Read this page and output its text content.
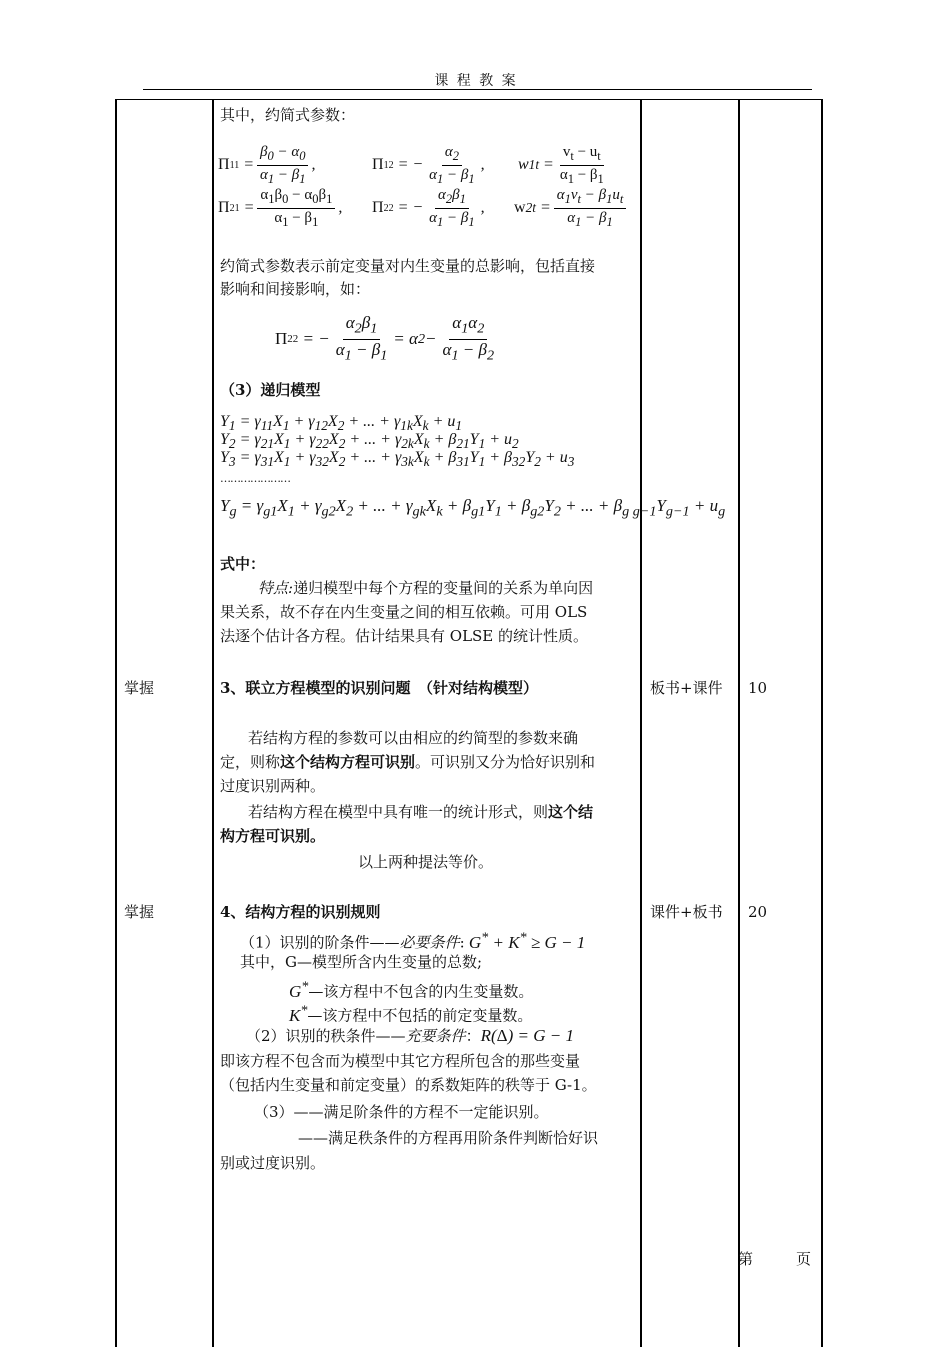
课 程 教 案
掌握
掌握
板书+课件
课件+板书
10
20
第	页
其中，约简式参数：
Π $11 = \frac{\beta_0 - \alpha_0}{\alpha_1 - \beta_1}$ ,	Π 12 = − $\frac{\alpha_2}{\alpha_1 - \beta_1}$ , w $1t = \frac{v_t - u_t}{\alpha_1 - \beta_1}$
Π $21 = \frac{\alpha_1\beta_0 - \alpha_0\beta_1}{\alpha_1 - \beta_1}$ , Π 22 = − $\frac{\alpha_2\beta_1}{\alpha_1 - \beta_1}$ , w $2t = \frac{\alpha_1v_t - \beta_1u_t}{\alpha_1 - \beta_1}$
约简式参数表示前定变量对内生变量的总影响，包括直接
影响和间接影响，如：
Π 22 = − $\frac{\alpha_2\beta_1}{\alpha_1 - \beta_1} = \alpha$ $2 - \frac{\alpha_1\alpha_2}{\alpha_1 - \beta_2}$
（3）递归模型
$Y_1 = \gamma_{11}X_1 + \gamma_{12}X_2$ + ... + $\gamma_{1k}X_k + u_1$
$Y_2 = \gamma_{21}X_1 + \gamma_{22}X_2$ + ... + $\gamma_{2k}X_k + \beta_{21}Y_1 + u_2$
$Y_3 = \gamma_{31}X_1 + \gamma_{32}X_2$ + ... + $\gamma_{3k}X_k + \beta_{31}Y_1 + \beta_{32}Y_2 + u_3$
…………………
$Y_g = \gamma_{g1}X_1 + \gamma_{g2}X_2$ + ... + $\gamma_{gk}X_k + \beta_{g1}Y_1 + \beta_{g2}Y_2$ + ... + $\beta_{g g-1}Y_{g-1} + u_g$
式中：
特点:递归模型中每个方程的变量间的关系为单向因
果关系，故不存在内生变量之间的相互依赖。可用 OLS
法逐个估计各方程。估计结果具有 OLSE 的统计性质。
3、联立方程模型的识别问题　（针对结构模型）
若结构方程的参数可以由相应的约简型的参数来确
定，则称这个结构方程可识别。可识别又分为恰好识别和
过度识别两种。
若结构方程在模型中具有唯一的统计形式，则这个结
构方程可识别。
以上两种提法等价。
4、结构方程的识别规则
（1）识别的阶条件——必要条件: G* + K* ≥ G − 1
其中，G—模型所含内生变量的总数;
G*—该方程中不包含的内生变量数。
K*—该方程中不包括的前定变量数。
（2）识别的秩条件——充要条件：R(Δ) = G − 1
即该方程不包含而为模型中其它方程所包含的那些变量
（包括内生变量和前定变量）的系数矩阵的秩等于 G-1。
（3）——满足阶条件的方程不一定能识别。
——满足秩条件的方程再用阶条件判断恰好识
别或过度识别。
